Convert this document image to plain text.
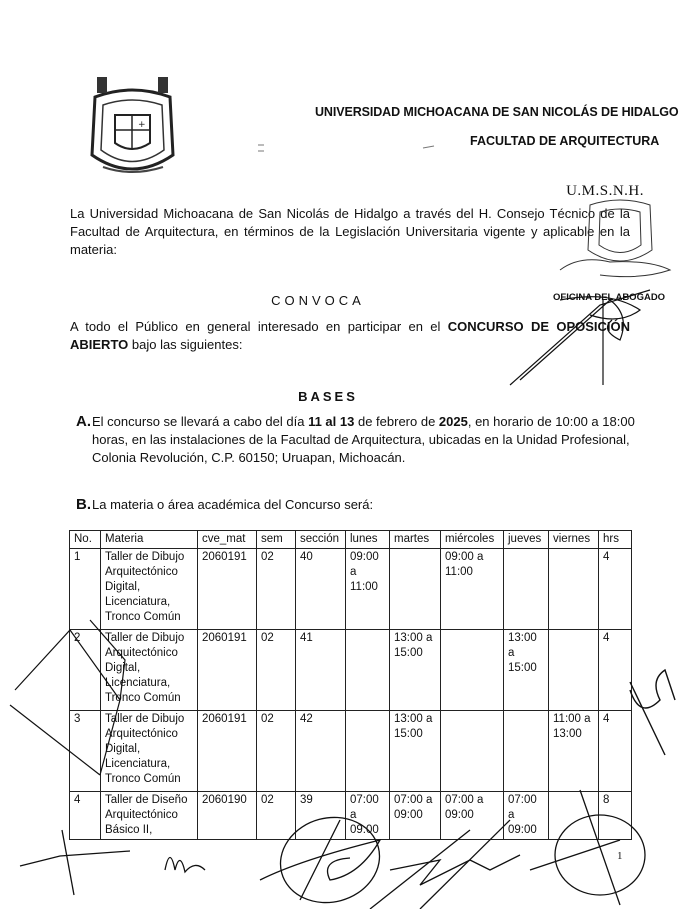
+
UNIVERSIDAD MICHOACANA DE SAN NICOLÁS DE HIDALGO
FACULTAD DE ARQUITECTURA
U.M.S.N.H.
La Universidad Michoacana de San Nicolás de Hidalgo a través del H. Consejo Técnico de la Facultad de Arquitectura, en términos de la Legislación Universitaria vigente y aplicable en la materia:
CONVOCA	OFICINA DEL ABOGADO
A todo el Público en general interesado en participar en el CONCURSO DE OPOSICIÓN ABIERTO bajo las siguientes:
BASES
A. El concurso se llevará a cabo del día 11 al 13 de febrero de 2025, en horario de 10:00 a 18:00 horas, en las instalaciones de la Facultad de Arquitectura, ubicadas en la Unidad Profesional, Colonia Revolución, C.P. 60150; Uruapan, Michoacán.
B. La materia o área académica del Concurso será:
No.	Materia	cve_mat	sem	sección	lunes	martes	miércoles	jueves	viernes	hrs
1	Taller de Dibujo Arquitectónico Digital, Licenciatura, Tronco Común	2060191	02	40	09:00 a 11:00		09:00 a 11:00			4
2	Taller de Dibujo Arquitectónico Digital, Licenciatura, Tronco Común	2060191	02	41		13:00 a 15:00		13:00 a 15:00		4
3	Taller de Dibujo Arquitectónico Digital, Licenciatura, Tronco Común	2060191	02	42		13:00 a 15:00			11:00 a 13:00	4
4	Taller de Diseño Arquitectónico Básico II,	2060190	02	39	07:00 a 09:00	07:00 a 09:00	07:00 a 09:00	07:00 a 09:00		8
1
